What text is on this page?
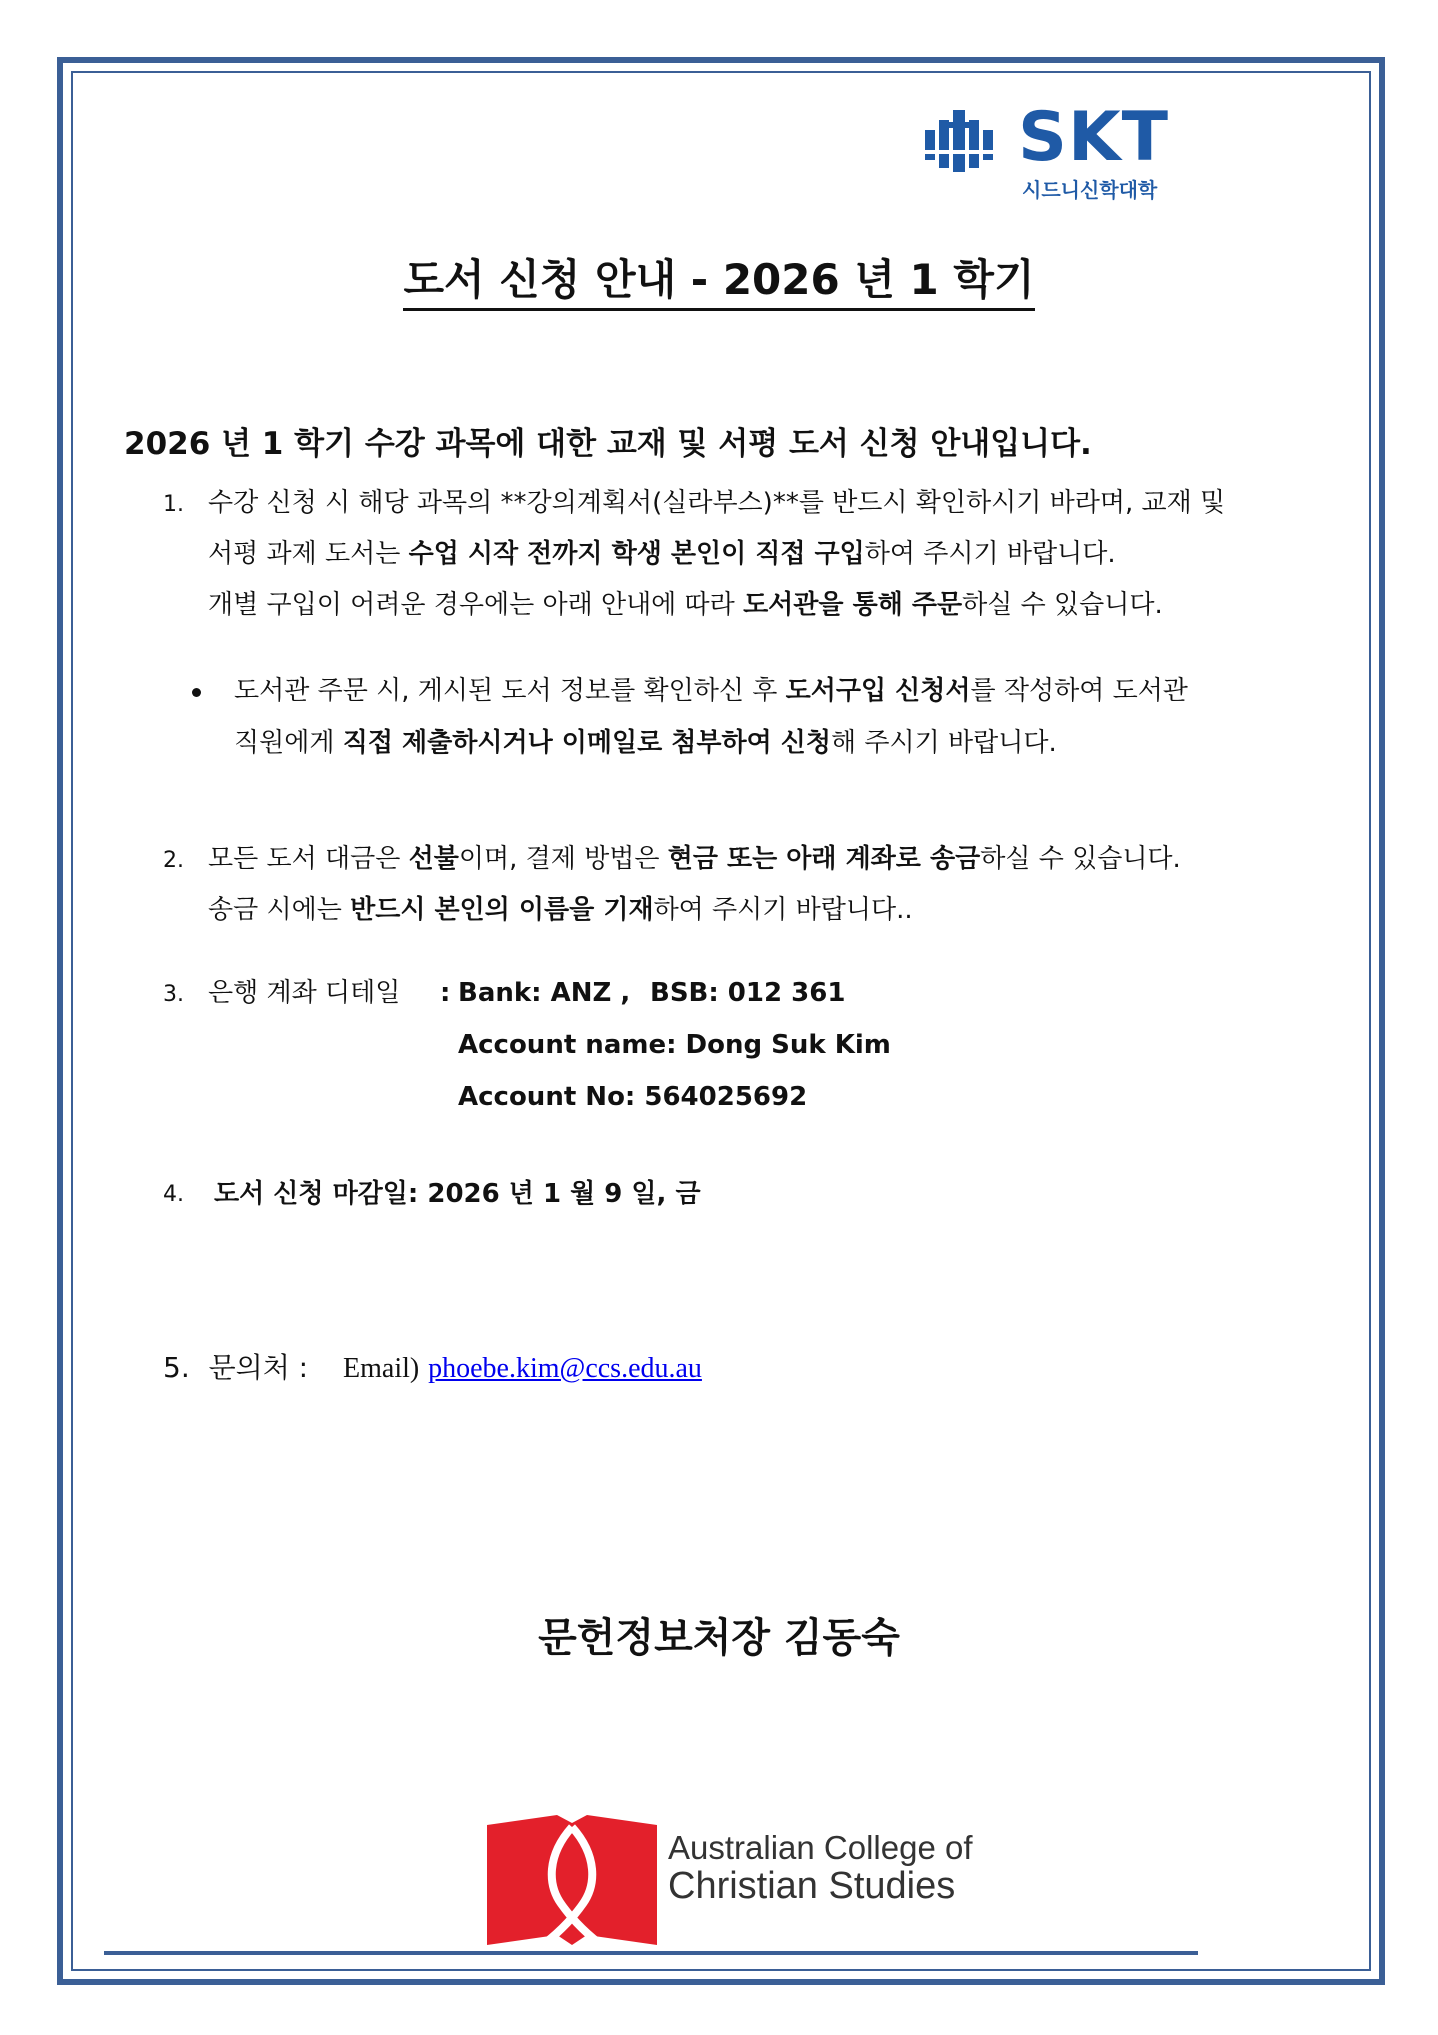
SKT
시드니신학대학
도서 신청 안내 - 2026 년 1 학기
2026 년 1 학기 수강 과목에 대한 교재 및 서평 도서 신청 안내입니다.
1. 수강 신청 시 해당 과목의 **강의계획서(실라부스)**를 반드시 확인하시기 바라며, 교재 및
서평 과제 도서는 수업 시작 전까지 학생 본인이 직접 구입하여 주시기 바랍니다.
개별 구입이 어려운 경우에는 아래 안내에 따라 도서관을 통해 주문하실 수 있습니다.
도서관 주문 시, 게시된 도서 정보를 확인하신 후 도서구입 신청서를 작성하여 도서관
직원에게 직접 제출하시거나 이메일로 첨부하여 신청해 주시기 바랍니다.
2. 모든 도서 대금은 선불이며, 결제 방법은 현금 또는 아래 계좌로 송금하실 수 있습니다.
송금 시에는 반드시 본인의 이름을 기재하여 주시기 바랍니다..
3. 은행 계좌 디테일 : Bank: ANZ , BSB: 012 361
Account name: Dong Suk Kim
Account No: 564025692
4. 도서 신청 마감일: 2026 년 1 월 9 일, 금
5. 문의처 : Email) phoebe.kim@ccs.edu.au
문헌정보처장 김동숙
Australian College of
Christian Studies
